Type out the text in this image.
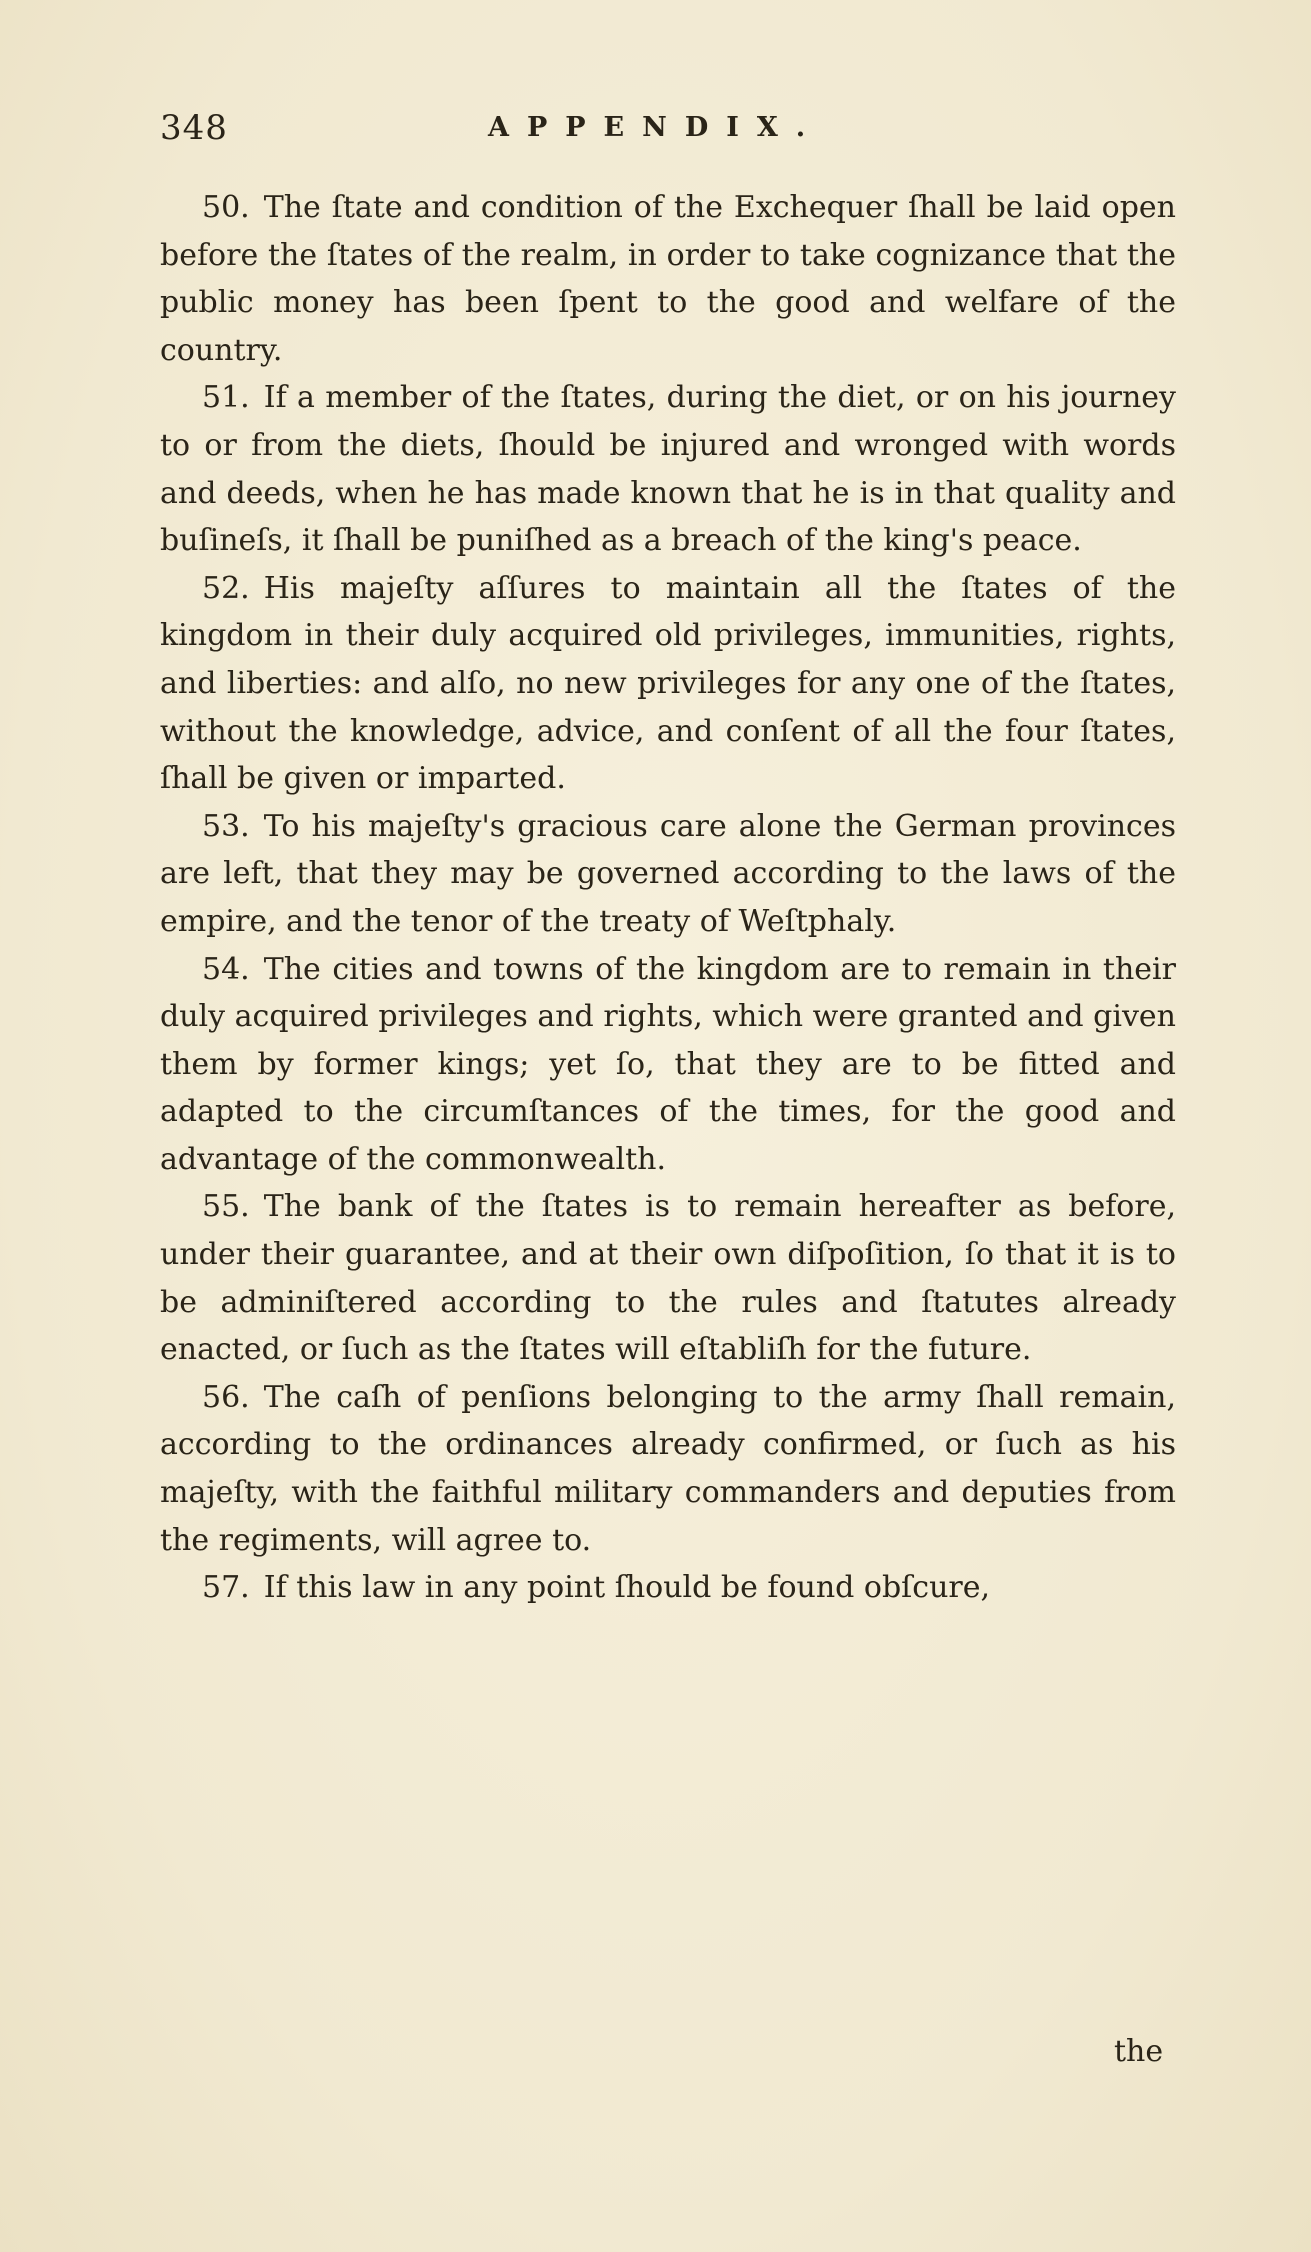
348	APPENDIX.

50. The ſtate and condition of the Exchequer ſhall be laid open before the ſtates of the realm, in order to take cognizance that the public money has been ſpent to the good and welfare of the country.

51. If a member of the ſtates, during the diet, or on his journey to or from the diets, ſhould be injured and wronged with words and deeds, when he has made known that he is in that quality and buſineſs, it ſhall be puniſhed as a breach of the king's peace.

52. His majeſty aſſures to maintain all the ſtates of the kingdom in their duly acquired old privileges, immunities, rights, and liberties: and alſo, no new privileges for any one of the ſtates, without the knowledge, advice, and conſent of all the four ſtates, ſhall be given or imparted.

53. To his majeſty's gracious care alone the German provinces are left, that they may be governed according to the laws of the empire, and the tenor of the treaty of Weſtphaly.

54. The cities and towns of the kingdom are to remain in their duly acquired privileges and rights, which were granted and given them by former kings; yet ſo, that they are to be fitted and adapted to the circumſtances of the times, for the good and advantage of the commonwealth.

55. The bank of the ſtates is to remain hereafter as before, under their guarantee, and at their own diſpoſition, ſo that it is to be adminiſtered according to the rules and ſtatutes already enacted, or ſuch as the ſtates will eſtabliſh for the future.

56. The caſh of penſions belonging to the army ſhall remain, according to the ordinances already confirmed, or ſuch as his majeſty, with the faithful military commanders and deputies from the regiments, will agree to.

57. If this law in any point ſhould be found obſcure,

the
